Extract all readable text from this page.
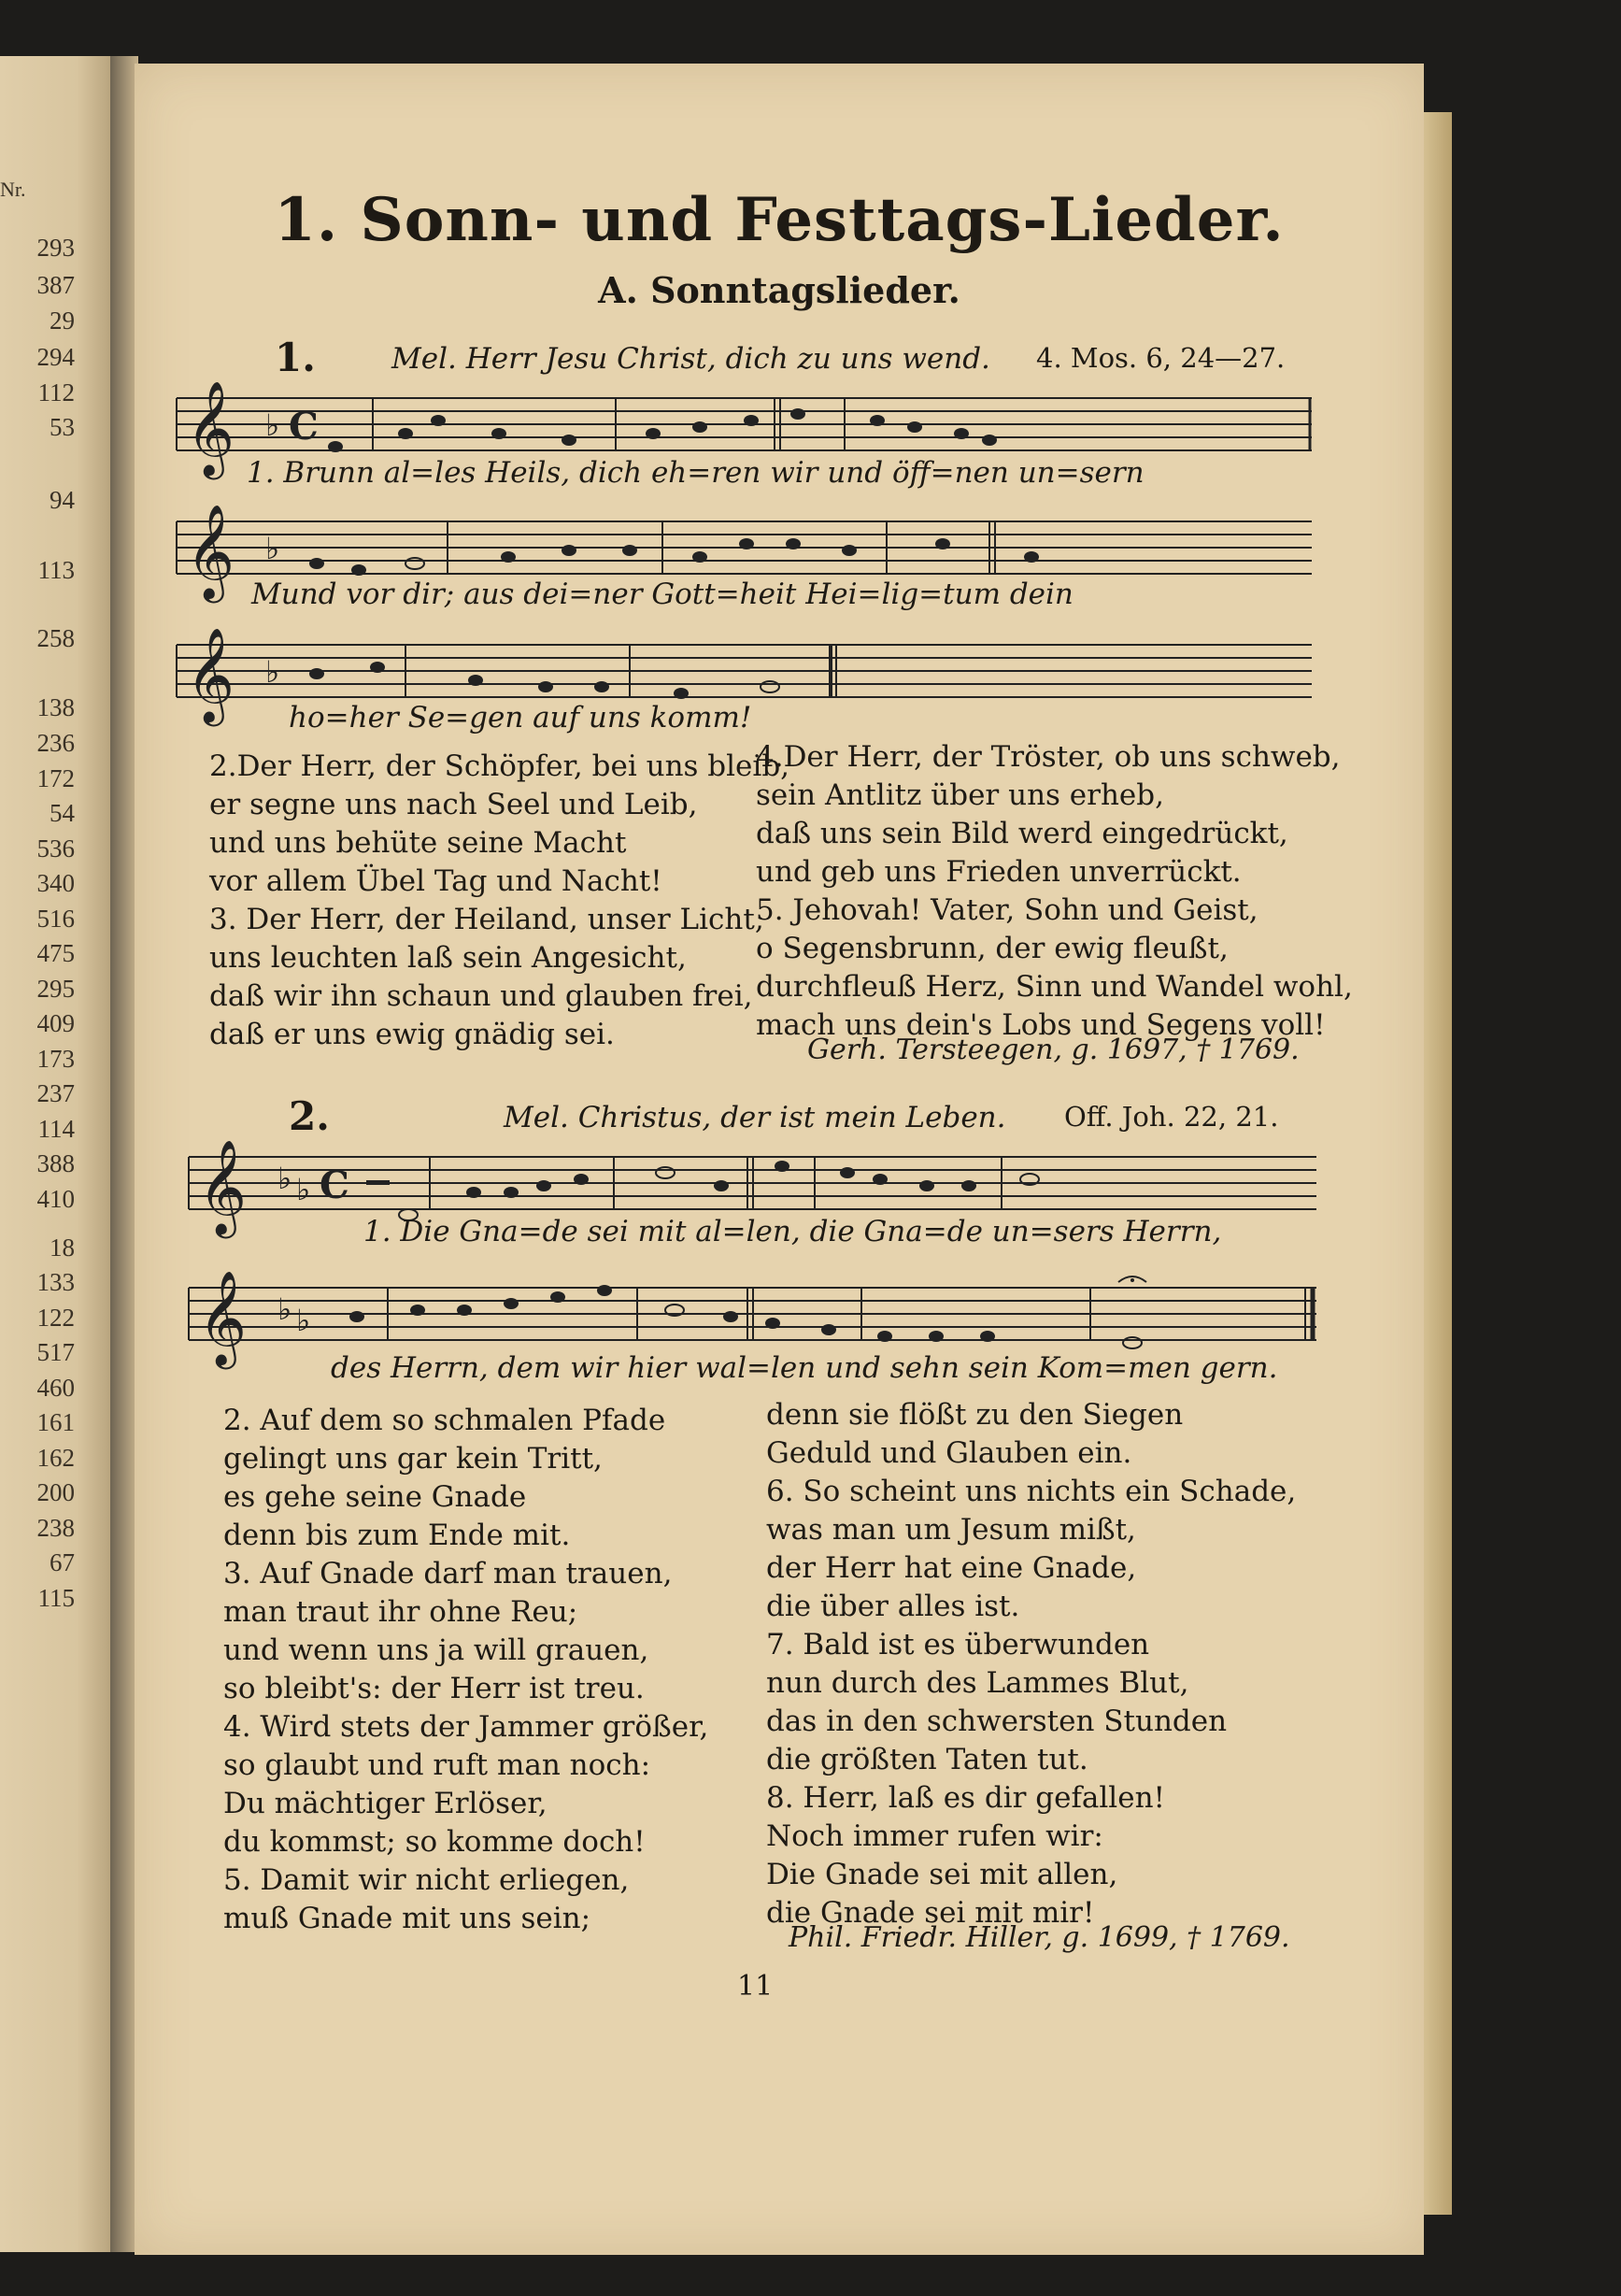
Nr.
293
387
29
294
112
53
94
113
258
138
236
172
54
536
340
516
475
295
409
173
237
114
388
410
18
133
122
517
460
161
162
200
238
67
115
1. Sonn- und Festtags-Lieder.
A. Sonntagslieder.
1.	Mel. Herr Jesu Christ, dich zu uns wend. 4. Mos. 6, 24—27.
𝄞 ♭ C
1. Brunn al=les Heils, dich eh=ren wir und öff=nen un=sern
𝄞 ♭
Mund vor dir; aus dei=ner Gott=heit Hei=lig=tum dein
𝄞 ♭
ho=her Se=gen auf uns komm!
2.Der Herr, der Schöpfer, bei uns bleib,
er segne uns nach Seel und Leib,
und uns behüte seine Macht
vor allem Übel Tag und Nacht!
3. Der Herr, der Heiland, unser Licht,
uns leuchten laß sein Angesicht,
daß wir ihn schaun und glauben frei,
daß er uns ewig gnädig sei.
4.Der Herr, der Tröster, ob uns schweb,
sein Antlitz über uns erheb,
daß uns sein Bild werd eingedrückt,
und geb uns Frieden unverrückt.
5. Jehovah! Vater, Sohn und Geist,
o Segensbrunn, der ewig fleußt,
durchfleuß Herz, Sinn und Wandel wohl,
mach uns dein's Lobs und Segens voll!
Gerh. Tersteegen, g. 1697, † 1769.
2.	Mel. Christus, der ist mein Leben. Off. Joh. 22, 21.
𝄞 ♭ ♭ C
1. Die Gna=de sei mit al=len, die Gna=de un=sers Herrn,
𝄞 ♭ ♭
des Herrn, dem wir hier wal=len und sehn sein Kom=men gern.
2. Auf dem so schmalen Pfade
gelingt uns gar kein Tritt,
es gehe seine Gnade
denn bis zum Ende mit.
3. Auf Gnade darf man trauen,
man traut ihr ohne Reu;
und wenn uns ja will grauen,
so bleibt's: der Herr ist treu.
4. Wird stets der Jammer größer,
so glaubt und ruft man noch:
Du mächtiger Erlöser,
du kommst; so komme doch!
5. Damit wir nicht erliegen,
muß Gnade mit uns sein;
denn sie flößt zu den Siegen
Geduld und Glauben ein.
6. So scheint uns nichts ein Schade,
was man um Jesum mißt,
der Herr hat eine Gnade,
die über alles ist.
7. Bald ist es überwunden
nun durch des Lammes Blut,
das in den schwersten Stunden
die größten Taten tut.
8. Herr, laß es dir gefallen!
Noch immer rufen wir:
Die Gnade sei mit allen,
die Gnade sei mit mir!
Phil. Friedr. Hiller, g. 1699, † 1769.
11
